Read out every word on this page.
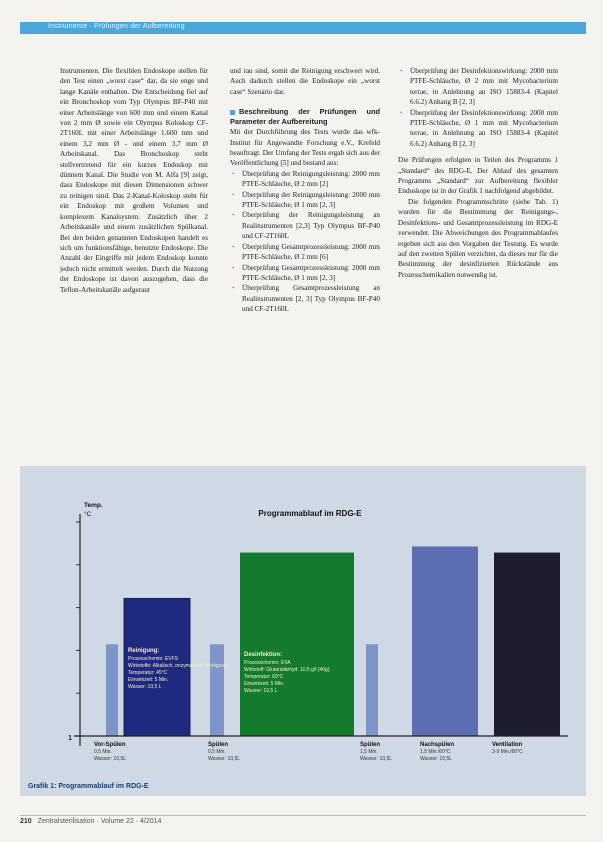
Instrumente · Prüfungen der Aufbereitung

Instrumenten. Die flexiblen Endoskope stellen für den Test einen „worst case“ dar, da sie enge und lange Kanäle enthalten. Die Entscheidung fiel auf ein Bronchoskop vom Typ Olympus BF-P40 mit einer Arbeitslänge von 600 mm und einem Kanal von 2 mm Ø sowie ein Olympus Koloskop CF-2T160L mit einer Arbeitslänge 1.600 mm und einem 3,2 mm Ø - und einem 3,7 mm Ø Arbeitskanal. Das Bronchoskop steht stellvertretend für ein kurzes Endoskop mit dünnem Kanal. Die Studie von M. Alfa [9] zeigt, dass Endoskope mit diesen Dimensionen schwer zu reinigen sind. Das 2-Kanal-Koloskop steht für ein Endoskop mit großem Volumen und komplexem Kanalsystem. Zusätzlich über 2 Arbeitskanäle und einem zusätzlichen Spülkanal. Bei den beiden genannten Endoskopen handelt es sich um funktionsfähige, benutzte Endoskope. Die Anzahl der Eingriffe mit jedem Endoskop konnte jedoch nicht ermittelt werden. Durch die Nutzung der Endoskope ist davon auszugehen, dass die Teflon-Arbeitskanäle aufgeraut

und rau sind, somit die Reinigung erschwert wird. Auch dadurch stellen die Endoskope ein „worst case“ Szenario dar.

Beschreibung der Prüfungen und Parameter der Aufbereitung

Mit der Durchführung des Tests wurde das wfk-Institut für Angewandte Forschung e.V., Krefeld beauftragt. Der Umfang der Tests ergab sich aus der Veröffentlichung [5] und bestand aus:

• Überprüfung der Reinigungsleistung: 2000 mm PTFE-Schläuche, Ø 2 mm [2]
• Überprüfung der Reinigungsleistung: 2000 mm PTFE-Schläuche, Ø 1 mm [2, 3]
• Überprüfung der Reinigungsleistung an Realinstrumenten [2,3] Typ Olympus BF-P40 und CF-2T160L
• Überprüfung Gesamtprozessleistung: 2000 mm PTFE-Schläuche, Ø 2 mm [6]
• Überprüfung Gesamtprozessleistung: 2000 mm PTFE-Schläuche, Ø 1 mm [2, 3]
• Überprüfung Gesamtprozessleistung an Realinstrumenten [2, 3] Typ Olympus BF-P40 und CF-2T160L
• Überprüfung der Desinfektionswirkung: 2000 mm PTFE-Schläuche, Ø 2 mm mit Mycobacterium terrae, in Anlehnung an ISO 15883-4 (Kapitel 6.6.2) Anhang B [2, 3]
• Überprüfung der Desinfektionswirkung: 2000 mm PTFE-Schläuche, Ø 1 mm mit Mycobacterium terrae, in Anlehnung an ISO 15883-4 (Kapitel 6.6.2) Anhang B [2, 3]

Die Prüfungen erfolgten in Teilen des Programms 1 „Standard“ des RDG-E. Der Ablauf des gesamten Programms „Standard“ zur Aufbereitung flexibler Endoskope ist in der Grafik 1 nachfolgend abgebildet.

Die folgenden Programmschritte (siehe Tab. 1) wurden für die Bestimmung der Reinigungs-, Desinfektions- und Gesamtprozessleistung im RDG-E verwendet. Die Abweichungen des Programmablaufes ergeben sich aus den Vorgaben der Testung. Es wurde auf den zweiten Spülen verzichtet, da dieses nur für die Bestimmung der desinfizierten Rückstände aus Prozesschemikalien notwendig ist.

1
Temp.
°C	Programmablauf im RDG-E
Reinigung:
Prozesschemie: EVFS
Wirkstoffe: Alkalisch, enzymatisch Reinigung
Temperatur: 45°C
Einwirkzeit: 5 Min.
Wasser: 10,5 L
Desinfektion:
Prozesschemie: EVA
Wirkstoff: Glutaraldehyd: 10,5 g/l (40g)
Temperatur: 60°C
Einwirkzeit: 5 Min.
Wasser: 10,5 L
Vor-Spülen
0,5 Min.
Wasser: 10,5L
Spülen
0,5 Min.
Wasser: 10,5L
Spülen
1,5 Min.
Wasser: 10,5L
Nachspülen
1,5 Min./60°C
Wasser: 10,5L
Ventilation
3-9 Min./60°C
Grafik 1: Programmablauf im RDG-E
210 Zentralsterilisation · Volume 22 · 4/2014
